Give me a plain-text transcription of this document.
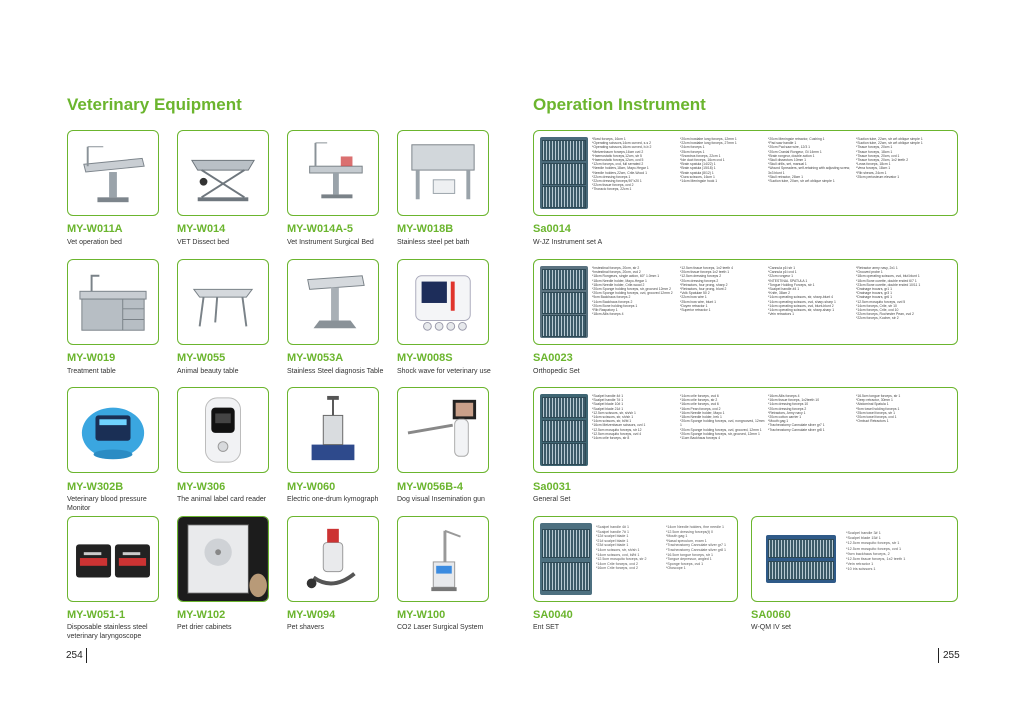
Veterinary Equipment	Operation Instrument
MY-W011A
Vet operation bed
MY-W014
VET Dissect bed
MY-W014A-5
Vet Instrument Surgical Bed
MY-W018B
Stainless steel pet bath
MY-W019
Treatment table
MY-W055
Animal beauty table
MY-W053A
Stainless Steel diagnosis Table
MY-W008S
Shock wave for veterinary use
MY-W302B
Veterinary blood pressure Monitor
MY-W306
The animal label card reader
MY-W060
Electric one-drum kymograph
MY-W056B-4
Dog visual Insemination gun
MY-W051-1
Disposable stainless steel veterinary laryngoscope
MY-W102
Pet drier cabinets
MY-W094
Pet shavers
MY-W100
CO2 Laser Surgical System
*Bowl forceps, 16cm 1
*Operating scissors,14cm curved, s-s 2
*Operating scissors,16cm curved, b-b 2
*Metzenbaum forceps,16cm cvd 2
*Haemostatic forceps,12cm, str 5
*Haemostatic forceps,12cm, cvd 5
*12cm forceps, cvd, full serrated 2
*Needle holders,18cm, Mayo-Hegar 1
*Needle holders,22cm, Crile-Wood 1
*22cm dressing forceps 1
*22cm dressing forceps,90°x20 1
*22cm tissue forceps, cvd 2
*Thoracic forceps, 22cm 1
*20cm bowlabe lung forceps, 12mm 1
*22cm bowlabe lung forceps, 27mm 1
*24cm forceps 1
*25cm forceps 1
*Snowtrus forceps, 22cm 1
*Ide duct forceps, 16cm cvd 1
*Brain spatula (14/22) 1
*Brain spatula (15/18) 1
*Brain spatula (8/12) 1
*Dura scissors, 16cm 1
*14cm Meningsie hook 1
*20cm Meningsie retractor, Cushing 1
*Pad saw handle 1
*20cm Pad saw wire, 12/3 1
*20cm Cranial Rongeur, Gt 14mm 1
*Brain rongeur, double action 1
*Skull dissectors 10mm 1
*Skull drills, set, manual 1
*Wound Spreaders, self-retaining with adjusting screw, 3x3 blunt 1
*Skull retractor, 28cm 1
*Suction tube, 20cm, str w/t oblique simple 1
*Suction tube, 22cm, str w/t oblique simple 1
*Suction tube, 22cm, str w/t oblique simple 1
*Tissue forceps, 20cm 1
*Tissue forceps, 18cm 1
*Tissue forceps, 20cm, cvd 1
*Tissue forceps, 20cm, 1x2 teeth 2
*Lewa forceps, 18cm 1
*Vena forceps, 18cm 1
*Rib shears, 24cm 1
*25cm periosteum elevator 1
Sa0014
W-JZ Instrument set A
*Instestinal forceps, 20cm, str 2
*Instestinal forceps, 20cm, cvd 2
*18cm Rongeurs, single action, 60° 1.0mm 1
*18cm Needle holder, Mayo-Hegar 1
*18cm Needle holder, Crile-wood 2
*20cm Sponge holding forceps, str, grooved 12mm 2
*20cm Sponge holding forceps, cvd, grooved 12mm 2
*9cm Backhaus forceps 2
*14cm Backhaus forceps 2
*20cm Bone holding forceps 1
*Rib Raspatory 1
*18cm Allis forceps 4
*12.5cm tissue forceps, 1x2 teeth 4
*20cm tissue forceps 1x2 teeth 1
*12.5cm dressing forceps 2
*20cm dressing forceps 2
*Retractors, four prong, sharp 2
*Retractors, four prong, blunt 2
*Volk Spatulae 50 2
*22cm bow wire 1
*25cm bow wire, blunt 1
*Doyen retractor 1
*Superior retractor 1
*Cannula p1t str 1
*Cannula p1t cvd 1
*22cm rongeur 1
*INTESTINAL SPATULA 1
*Tongue Holding Forceps, str 1
*Scalpel handle #4 1
*Knife, 38cm 2
*14cm operating scissors, str, sharp-blunt 4
*14cm operating scissors, cvd, sharp-sharp 1
*14cm operating scissors, cvd, blunt-blunt 2
*14cm operating scissors, str, sharp-sharp 1
*Vein retractors 1
*Retractor army navy, 2x1 1
*Grooved probe 1
*18cm operating scissors, cvd, bluf-blunt 1
*18cm Bone curette, double ended 6/7 1
*23cm Bone curette, double ended 10/11 1
*Drainage trocars, gr1 1
*Drainage trocars, gr3 1
*Drainage trocars, gr6 1
*12.5cm mosquito forceps, cvd 5
*14cm forceps, Crile, str 10
*14cm forceps, Crile, cvd 10
*22cm forceps, Rochester Pean, cvd 2
*22cm forceps, Kocher, str 2
SA0023
Orthopedic Set
*Scalpel handle 4# 1
*Scalpel handle 7# 1
*Scalpel blade 10# 1
*Scalpel blade 21# 1
*12.5cm scissors, str, sh/sh 1
*14cm scissors, str, sh/sh 1
*14cm scissors, str, bl/bl 1
*16cm Metzenbaum scissors, cvd 1
*12.5cm mosquito forceps, str 12
*12.5cm mosquito forceps, cvd 4
*14cm crile forceps, str 8
*14cm crile forceps, cvd 6
*16cm crile forceps, str 2
*16cm crile forceps, cvd 6
*16cm Pean forceps, cvd 2
*16cm Needle holder, Mayo 1
*18cm Needle holder, Irek 1
*20cm Sponge holding forceps, cvd, nongrooved, 12mm 1
*20cm Sponge holding forceps, cvd, grooved, 12mm 1
*20cm Sponge holding forceps, str, grooved, 12mm 1
*11cm Backhaus forceps 4
*16cm Allis forceps 4
*16cm tissue forceps, 1x2teeth 10
*14cm dressing forceps 10
*20cm dressing forceps 2
*Retractors, Army navy 1
*20cm cotton carrier 1
*Mouth gag 1
*Tracheostomy Cannulate silver gr7 1
*Tracheostomy Cannulate silver gr8 1
*16.5cm tongue forceps, str 1
*Deep retractor, 30mm 1
*Abdominal Spatula 1
*9cm towel holding forceps 1
*25cm towel forceps, str 1
*20cm towel forceps, cvd 1
*Ombuct Retractors 1
Sa0031
General Set
*Scalpel handle 4# 1
*Scalpel handle 7# 1
*12# scalpel blade 1
*21# scalpel blade 1
*23# scalpel blade 1
*14cm scissors, str, sh/sh 1
*14cm scissors, cvd, bl/bl 1
*12.5cm mosquito forceps, str 2
*14cm Crile forceps, cvd 2
*16cm Crile forceps, cvd 2
*14cm Needle holders, fine needle 1
*12.5cm dressing forceps(t) 0
*Mouth gag 1
*Nasal speculum, exam 1
*Tracheostomy Cannulate silver gr7 1
*Tracheostomy Cannulate silver gr8 1
*16.5cm tongue forceps, str 1
*Tongue depressor, angled 1
*Sponge forceps, cvd 1
*Otoscope 1
SA0040
Ent SET
*Scalpel handle 3# 1
*Scalpel blade 15# 1
*12.5cm mosquito forceps, str 1
*12.5cm mosquito forceps, cvd 1
*9cm backhaus forceps, 2
*12.5cm tissue forceps, 1x2 teeth 1
*Vein retractor 1
*10 iris scissors 1
SA0060
W-QM IV set
254	255
